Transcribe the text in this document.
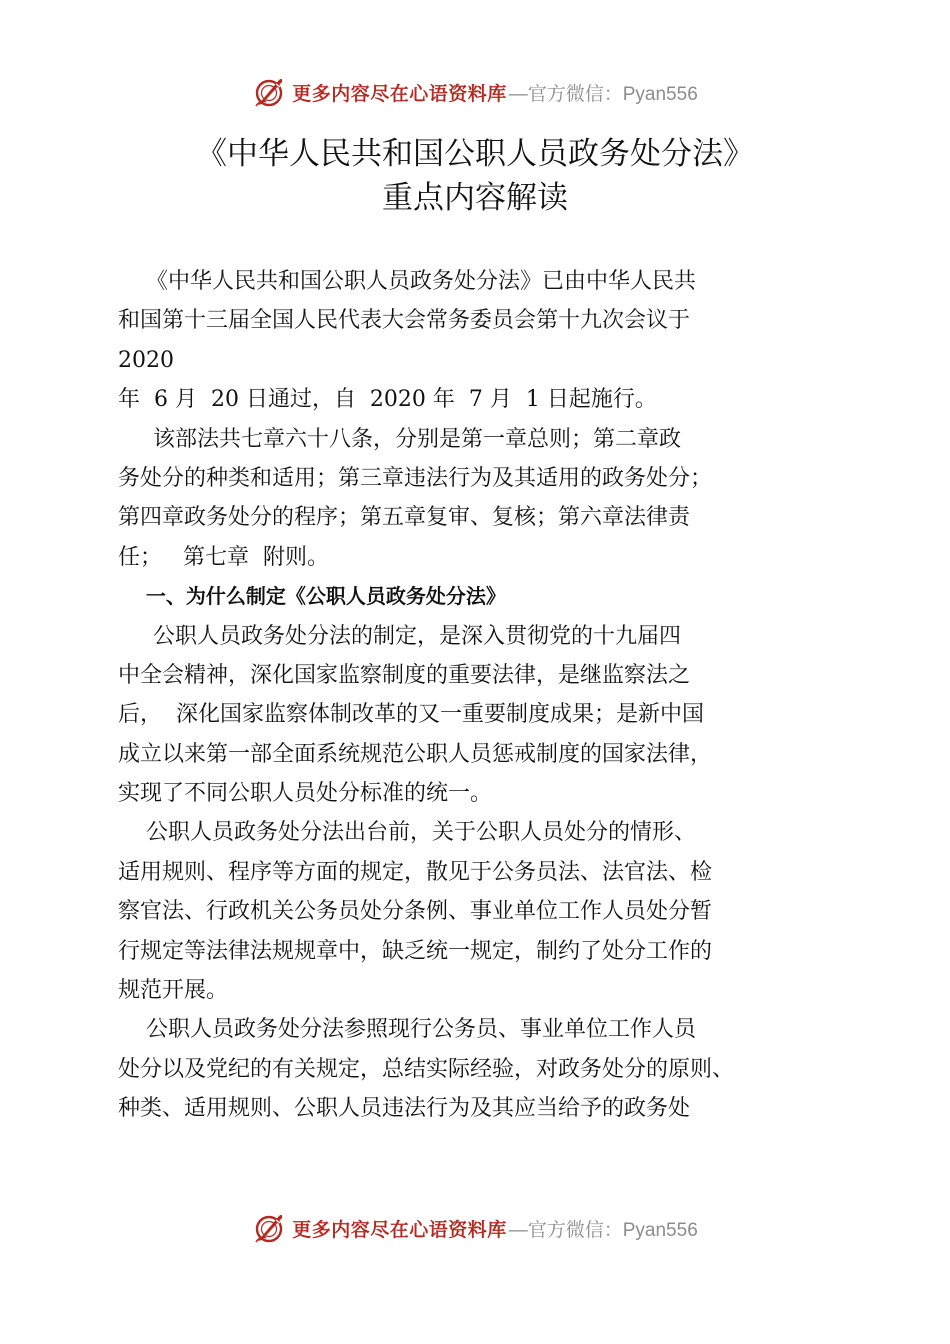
更多内容尽在心语资料库 —官方微信：Pyan556
《中华人民共和国公职人员政务处分法》
重点内容解读
《中华人民共和国公职人员政务处分法》已由中华人民共
和国第十三届全国人民代表大会常务委员会第十九次会议于
2020
年  6 月  20 日通过，自  2020 年  7 月  1 日起施行。
该部法共七章六十八条，分别是第一章总则；第二章政
务处分的种类和适用；第三章违法行为及其适用的政务处分；
第四章政务处分的程序；第五章复审、复核；第六章法律责
任；   第七章  附则。
一、为什么制定《公职人员政务处分法》
公职人员政务处分法的制定，是深入贯彻党的十九届四
中全会精神，深化国家监察制度的重要法律，是继监察法之
后，  深化国家监察体制改革的又一重要制度成果；是新中国
成立以来第一部全面系统规范公职人员惩戒制度的国家法律，
实现了不同公职人员处分标准的统一。
公职人员政务处分法出台前，关于公职人员处分的情形、
适用规则、程序等方面的规定，散见于公务员法、法官法、检
察官法、行政机关公务员处分条例、事业单位工作人员处分暂
行规定等法律法规规章中，缺乏统一规定，制约了处分工作的
规范开展。
公职人员政务处分法参照现行公务员、事业单位工作人员
处分以及党纪的有关规定，总结实际经验，对政务处分的原则、
种类、适用规则、公职人员违法行为及其应当给予的政务处
更多内容尽在心语资料库 —官方微信：Pyan556
